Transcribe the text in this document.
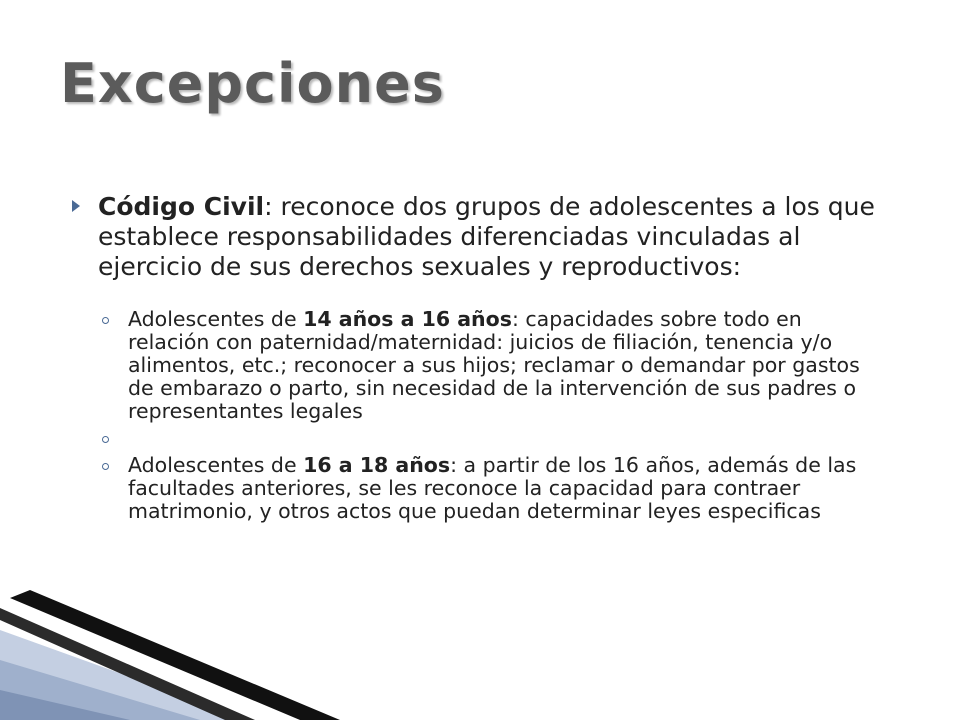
Excepciones
Código Civil: reconoce dos grupos de adolescentes a los que establece responsabilidades diferenciadas vinculadas al ejercicio de sus derechos sexuales y reproductivos:
Adolescentes de 14 años a 16 años: capacidades sobre todo en relación con paternidad/maternidad: juicios de filiación, tenencia y/o alimentos, etc.; reconocer a sus hijos; reclamar o demandar por gastos de embarazo o parto, sin necesidad de la intervención de sus padres o representantes legales
Adolescentes de 16 a 18 años: a partir de los 16 años, además de las facultades anteriores, se les reconoce la capacidad para contraer matrimonio, y otros actos que puedan determinar leyes especificas
